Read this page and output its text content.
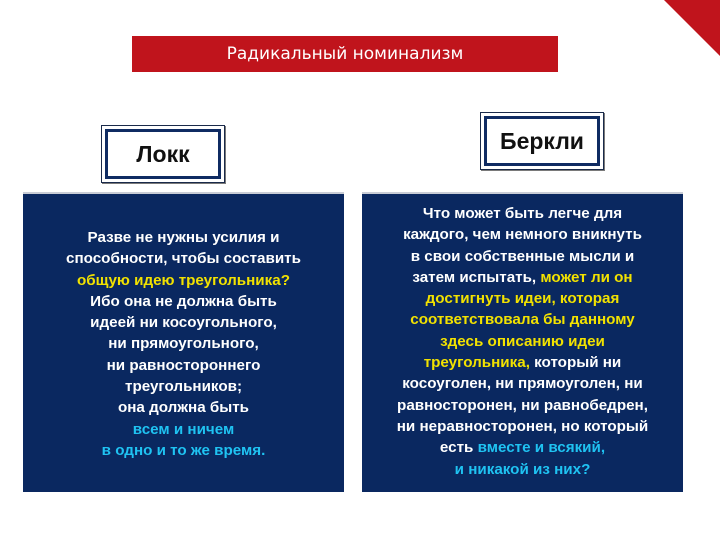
Радикальный номинализм
Локк	Беркли
Разве не нужны усилия и
способности, чтобы составить
общую идею треугольника?
Ибо она не должна быть
идеей ни косоугольного,
ни прямоугольного,
ни равностороннего
треугольников;
она должна быть
всем и ничем
в одно и то же время.
Что может быть легче для
каждого, чем немного вникнуть
в свои собственные мысли и
затем испытать, может ли он
достигнуть идеи, которая
соответствовала бы данному
здесь описанию идеи
треугольника, который ни
косоуголен, ни прямоуголен, ни
равносторонен, ни равнобедрен,
ни неравносторонен, но который
есть вместе и всякий,
и никакой из них?
